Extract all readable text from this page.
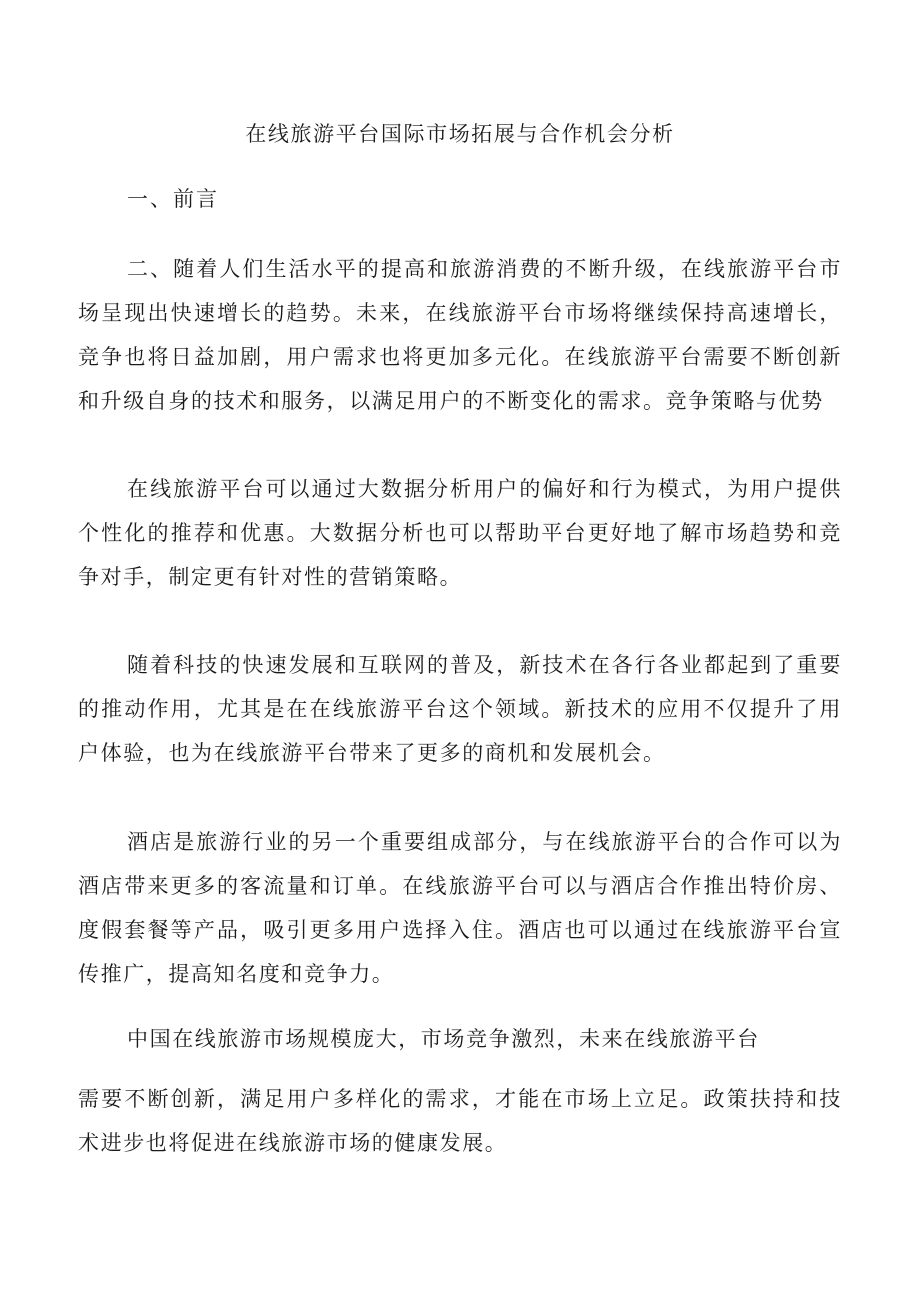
在线旅游平台国际市场拓展与合作机会分析
一、前言

二、随着人们生活水平的提高和旅游消费的不断升级，在线旅游平台市场呈现出快速增长的趋势。未来，在线旅游平台市场将继续保持高速增长，竞争也将日益加剧，用户需求也将更加多元化。在线旅游平台需要不断创新和升级自身的技术和服务，以满足用户的不断变化的需求。竞争策略与优势

在线旅游平台可以通过大数据分析用户的偏好和行为模式，为用户提供个性化的推荐和优惠。大数据分析也可以帮助平台更好地了解市场趋势和竞争对手，制定更有针对性的营销策略。

随着科技的快速发展和互联网的普及，新技术在各行各业都起到了重要的推动作用，尤其是在在线旅游平台这个领域。新技术的应用不仅提升了用户体验，也为在线旅游平台带来了更多的商机和发展机会。

酒店是旅游行业的另一个重要组成部分，与在线旅游平台的合作可以为酒店带来更多的客流量和订单。在线旅游平台可以与酒店合作推出特价房、度假套餐等产品，吸引更多用户选择入住。酒店也可以通过在线旅游平台宣传推广，提高知名度和竞争力。

中国在线旅游市场规模庞大，市场竞争激烈，未来在线旅游平台

需要不断创新，满足用户多样化的需求，才能在市场上立足。政策扶持和技术进步也将促进在线旅游市场的健康发展。
